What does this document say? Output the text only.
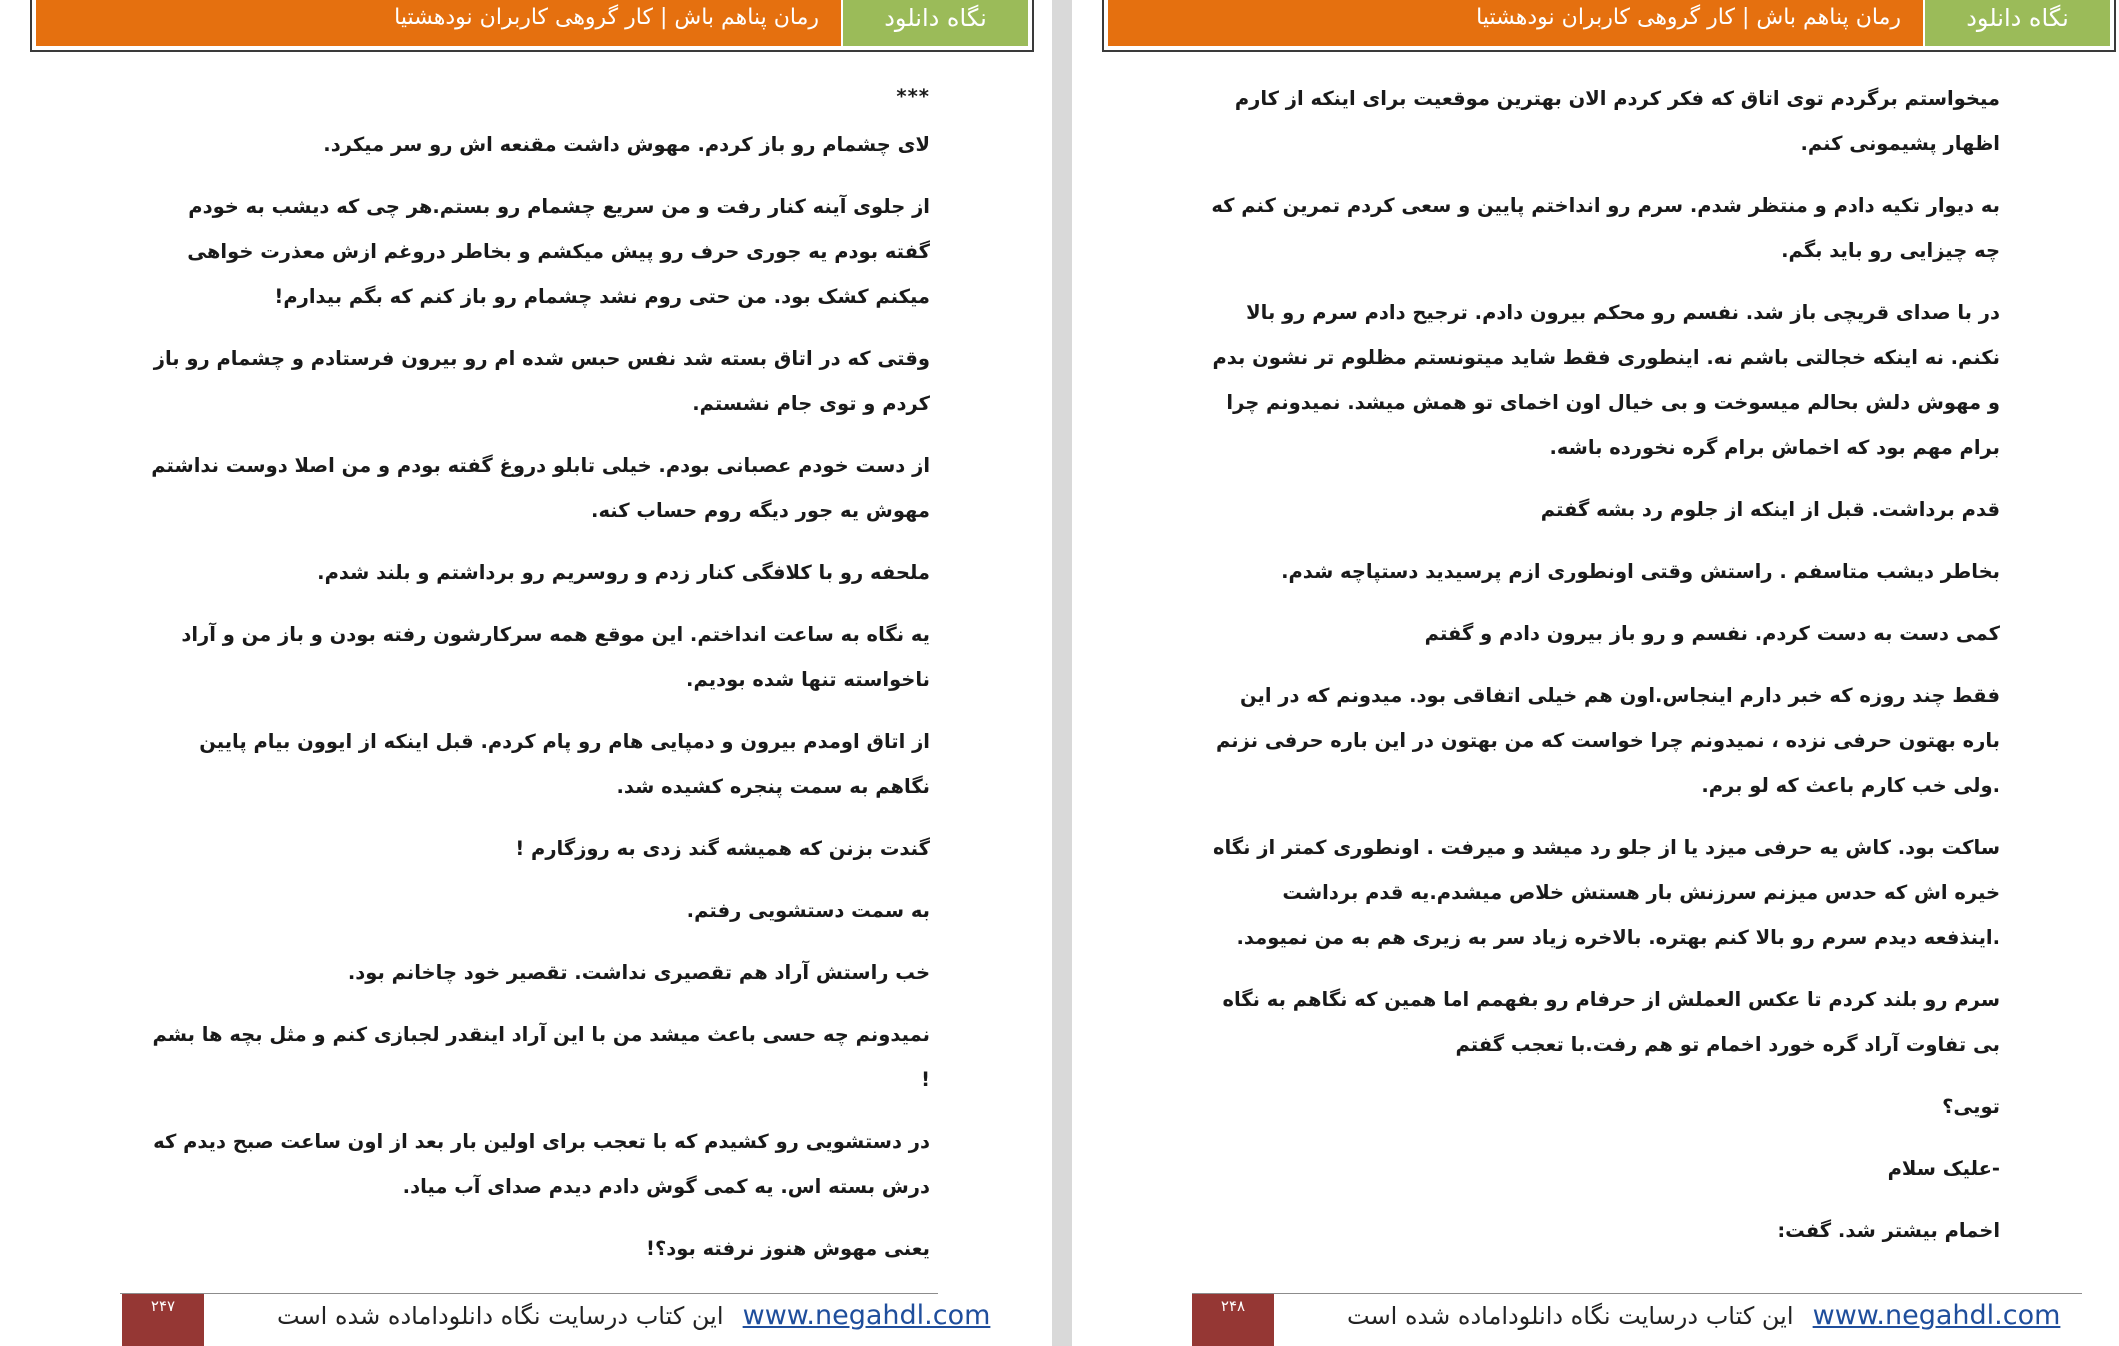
رمان پناهم باش | کار گروهی کاربران نودهشتیا	نگاه دانلود
***
لای چشمام رو باز کردم. مهوش داشت مقنعه اش رو سر میکرد.
از جلوی آینه کنار رفت و من سریع چشمام رو بستم.هر چی که دیشب به خودم گفته بودم یه جوری حرف رو پیش میکشم و بخاطر دروغم ازش معذرت خواهی میکنم کشک بود. من حتی روم نشد چشمام رو باز کنم که بگم بیدارم!
وقتی که در اتاق بسته شد نفس حبس شده ام رو بیرون فرستادم و چشمام رو باز کردم و توی جام نشستم.
از دست خودم عصبانی بودم. خیلی تابلو دروغ گفته بودم و من اصلا دوست نداشتم مهوش یه جور دیگه روم حساب کنه.
ملحفه رو با کلافگی کنار زدم و روسریم رو برداشتم و بلند شدم.
یه نگاه به ساعت انداختم. این موقع همه سرکارشون رفته بودن و باز من و آراد ناخواسته تنها شده بودیم.
از اتاق اومدم بیرون و دمپایی هام رو پام کردم. قبل اینکه از ایوون بیام پایین نگاهم به سمت پنجره کشیده شد.
گندت بزنن که همیشه گند زدی به روزگارم !
به سمت دستشویی رفتم.
خب راستش آراد هم تقصیری نداشت. تقصیر خود چاخانم بود.
نمیدونم چه حسی باعث میشد من با این آراد اینقدر لجبازی کنم و مثل بچه ها بشم !
در دستشویی رو کشیدم که با تعجب برای اولین بار بعد از اون ساعت صبح دیدم که درش بسته اس. یه کمی گوش دادم دیدم صدای آب میاد.
یعنی مهوش هنوز نرفته بود؟!
۲۴۷	این کتاب درسایت نگاه دانلوداماده شده است www.negahdl.com
رمان پناهم باش | کار گروهی کاربران نودهشتیا	نگاه دانلود
میخواستم برگردم توی اتاق که فکر کردم الان بهترین موقعیت برای اینکه از کارم اظهار پشیمونی کنم.
به دیوار تکیه دادم و منتظر شدم. سرم رو انداختم پایین و سعی کردم تمرین کنم که چه چیزایی رو باید بگم.
در با صدای قریچی باز شد. نفسم رو محکم بیرون دادم. ترجیح دادم سرم رو بالا نکنم. نه اینکه خجالتی باشم نه. اینطوری فقط شاید میتونستم مظلوم تر نشون بدم و مهوش دلش بحالم میسوخت و بی خیال اون اخمای تو همش میشد. نمیدونم چرا برام مهم بود که اخماش برام گره نخورده باشه.
قدم برداشت. قبل از اینکه از جلوم رد بشه گفتم
بخاطر دیشب متاسفم . راستش وقتی اونطوری ازم پرسیدید دستپاچه شدم.
کمی دست به دست کردم. نفسم و رو باز بیرون دادم و گفتم
فقط چند روزه که خبر دارم اینجاس.اون هم خیلی اتفاقی بود. میدونم که در این باره بهتون حرفی نزده ، نمیدونم چرا خواست که من بهتون در این باره حرفی نزنم .ولی خب کارم باعث که لو برم.
ساکت بود. کاش یه حرفی میزد یا از جلو رد میشد و میرفت . اونطوری کمتر از نگاه خیره اش که حدس میزنم سرزنش بار هستش خلاص میشدم.یه قدم برداشت .اینذفعه دیدم سرم رو بالا کنم بهتره. بالاخره زیاد سر به زیری هم به من نمیومد.
سرم رو بلند کردم تا عکس العملش از حرفام رو بفهمم اما همین که نگاهم به نگاه بی تفاوت آراد گره خورد اخمام تو هم رفت.با تعجب گفتم
تویی؟
-علیک سلام
اخمام بیشتر شد. گفت:
۲۴۸	این کتاب درسایت نگاه دانلوداماده شده است www.negahdl.com
